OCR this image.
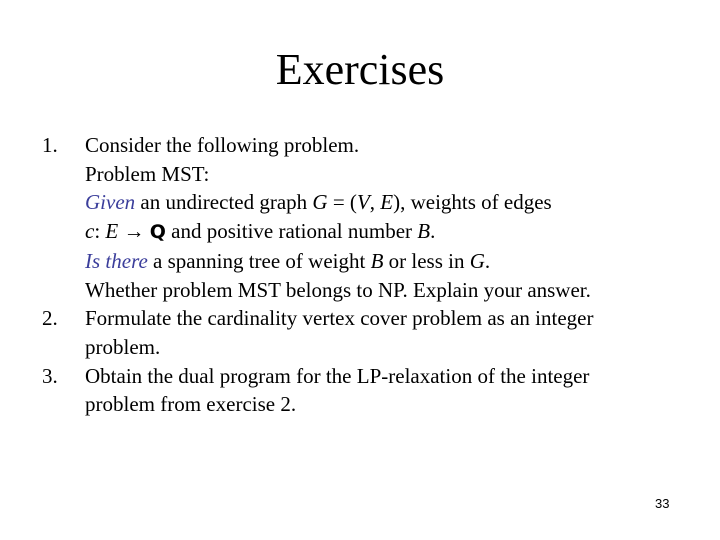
Exercises
1. Consider the following problem.
Problem MST:
Given an undirected graph G = (V, E), weights of edges
c: E → Q and positive rational number B.
Is there a spanning tree of weight B or less in G.
Whether problem MST belongs to NP. Explain your answer.
2. Formulate the cardinality vertex cover problem as an integer
problem.
3. Obtain the dual program for the LP-relaxation of the integer
problem from exercise 2.
33
